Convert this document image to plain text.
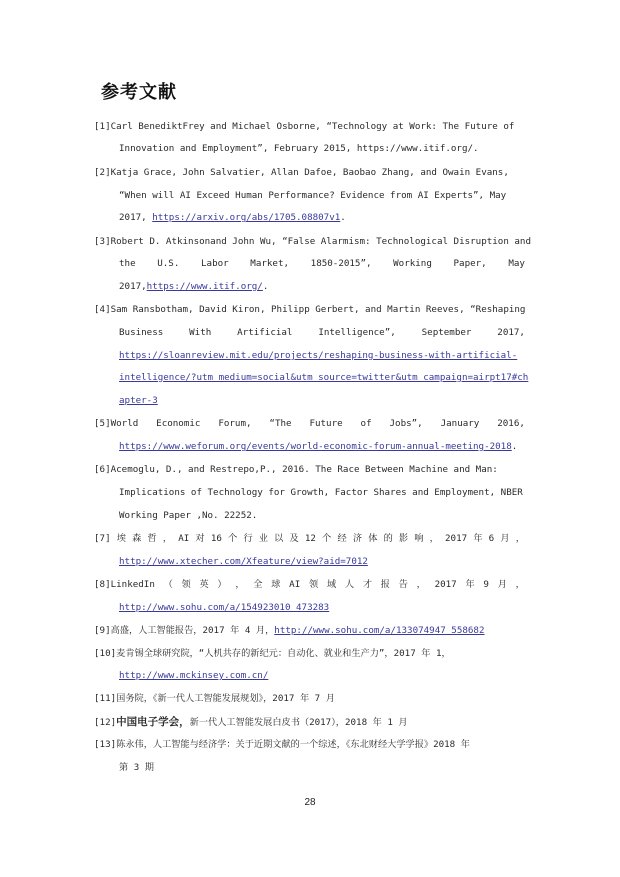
参考文献
[1]Carl BenediktFrey and Michael Osborne, “Technology at Work: The Future of
Innovation and Employment”, February 2015, https://www.itif.org/.
[2]Katja Grace, John Salvatier, Allan Dafoe, Baobao Zhang, and Owain Evans,
“When will AI Exceed Human Performance? Evidence from AI Experts”, May
2017, https://arxiv.org/abs/1705.08807v1.
[3]Robert D. Atkinsonand John Wu, “False Alarmism: Technological Disruption and
the U.S. Labor Market, 1850-2015”, Working Paper, May
2017,https://www.itif.org/.
[4]Sam Ransbotham, David Kiron, Philipp Gerbert, and Martin Reeves, “Reshaping
Business	With	Artificial	Intelligence”,	September	2017,
https://sloanreview.mit.edu/projects/reshaping-business-with-artificial-
intelligence/?utm_medium=social&utm_source=twitter&utm_campaign=airpt17#ch
apter-3
[5]World Economic Forum, “The Future of Jobs”, January 2016,
https://www.weforum.org/events/world-economic-forum-annual-meeting-2018.
[6]Acemoglu, D., and Restrepo,P., 2016. The Race Between Machine and Man:
Implications of Technology for Growth, Factor Shares and Employment, NBER
Working Paper ,No. 22252.
[7] 埃 森 哲 ， AI 对 16 个 行 业 以 及 12 个 经 济 体 的 影 响 ， 2017 年 6 月 ，
http://www.xtecher.com/Xfeature/view?aid=7012
[8]LinkedIn （ 领 英 ） ， 全 球 AI 领 域 人 才 报 告 ， 2017 年 9 月 ，
http://www.sohu.com/a/154923010_473283
[9]高盛，人工智能报告，2017 年 4 月，http://www.sohu.com/a/133074947_558682
[10]麦肯锡全球研究院，“人机共存的新纪元：自动化、就业和生产力”，2017 年 1，
http://www.mckinsey.com.cn/
[11]国务院，《新一代人工智能发展规划》，2017 年 7 月
[12]中国电子学会，新一代人工智能发展白皮书（2017），2018 年 1 月
[13]陈永伟，人工智能与经济学：关于近期文献的一个综述，《东北财经大学学报》2018 年
第 3 期
28
